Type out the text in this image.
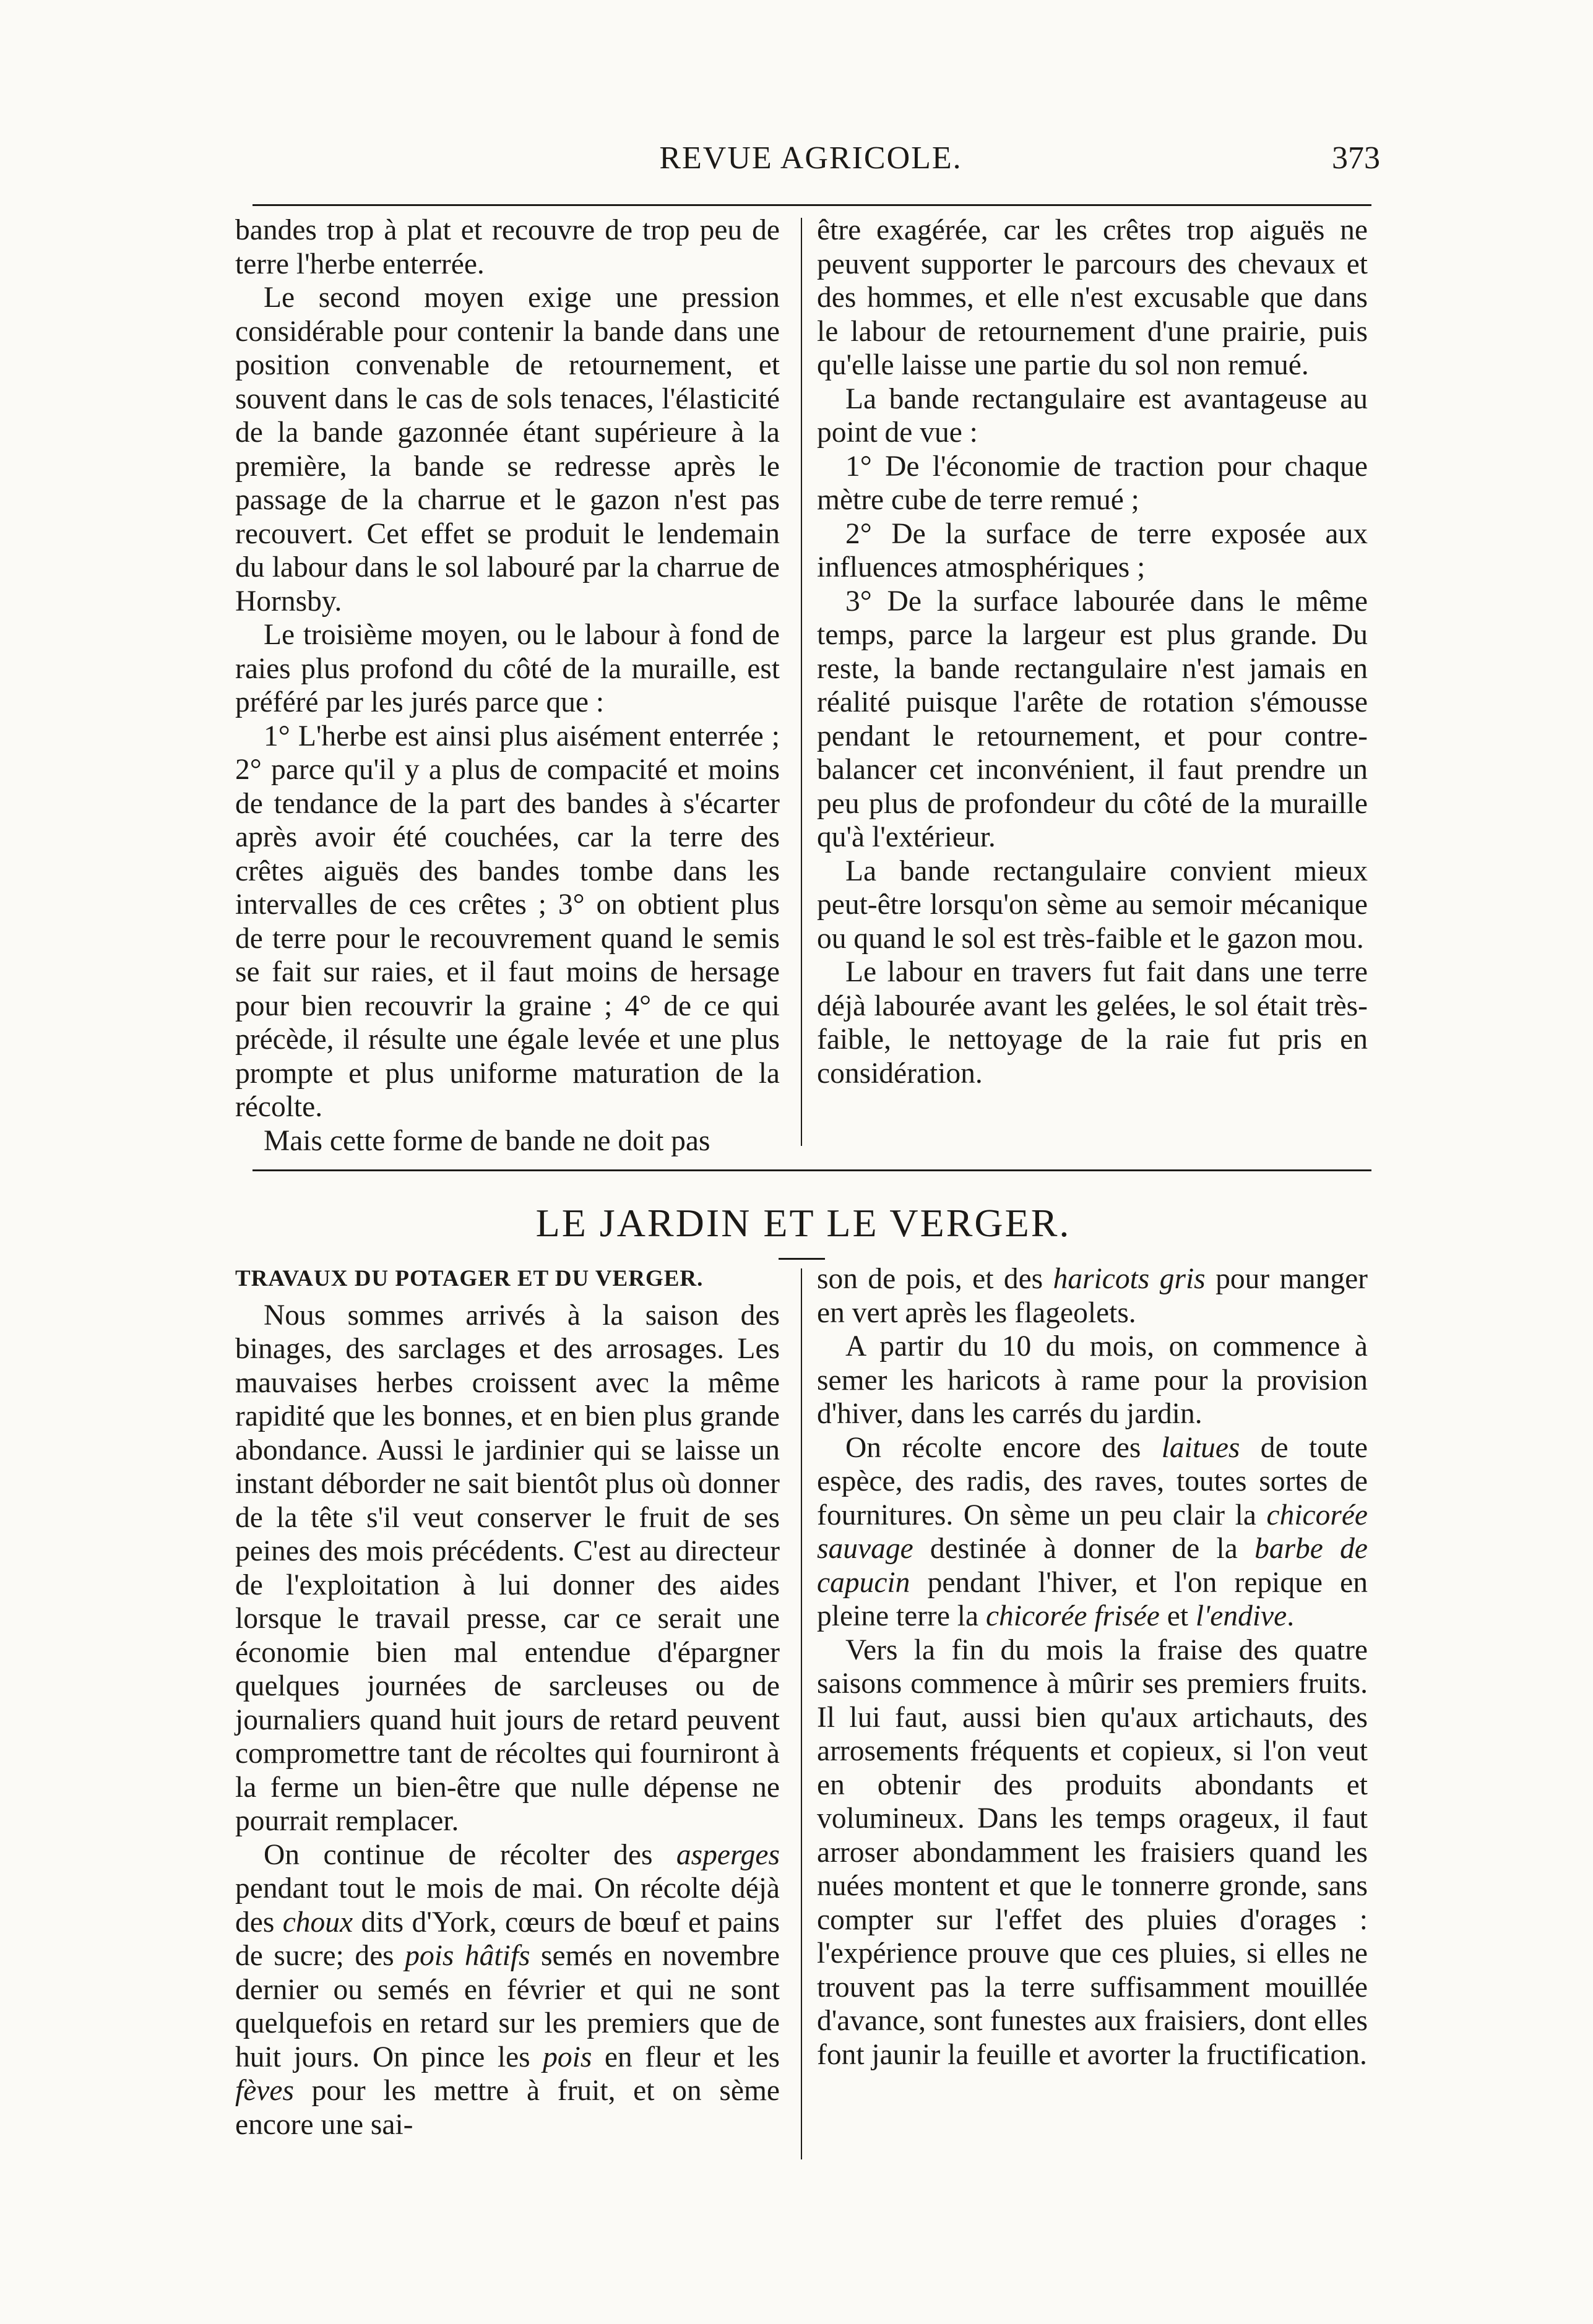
REVUE AGRICOLE.	373

bandes trop à plat et recouvre de trop peu de terre l'herbe enterrée.

Le second moyen exige une pression considérable pour contenir la bande dans une position convenable de retournement, et souvent dans le cas de sols tenaces, l'élasticité de la bande gazonnée étant supérieure à la première, la bande se redresse après le passage de la charrue et le gazon n'est pas recouvert. Cet effet se produit le lendemain du labour dans le sol labouré par la charrue de Hornsby.

Le troisième moyen, ou le labour à fond de raies plus profond du côté de la muraille, est préféré par les jurés parce que :

1° L'herbe est ainsi plus aisément enterrée ; 2° parce qu'il y a plus de compacité et moins de tendance de la part des bandes à s'écarter après avoir été couchées, car la terre des crêtes aiguës des bandes tombe dans les intervalles de ces crêtes ; 3° on obtient plus de terre pour le recouvrement quand le semis se fait sur raies, et il faut moins de hersage pour bien recouvrir la graine ; 4° de ce qui précède, il résulte une égale levée et une plus prompte et plus uniforme maturation de la récolte.

Mais cette forme de bande ne doit pas

être exagérée, car les crêtes trop aiguës ne peuvent supporter le parcours des chevaux et des hommes, et elle n'est excusable que dans le labour de retournement d'une prairie, puis qu'elle laisse une partie du sol non remué.

La bande rectangulaire est avantageuse au point de vue :

1° De l'économie de traction pour chaque mètre cube de terre remué ;

2° De la surface de terre exposée aux influences atmosphériques ;

3° De la surface labourée dans le même temps, parce la largeur est plus grande. Du reste, la bande rectangulaire n'est jamais en réalité puisque l'arête de rotation s'émousse pendant le retournement, et pour contre-balancer cet inconvénient, il faut prendre un peu plus de profondeur du côté de la muraille qu'à l'extérieur.

La bande rectangulaire convient mieux peut-être lorsqu'on sème au semoir mécanique ou quand le sol est très-faible et le gazon mou.

Le labour en travers fut fait dans une terre déjà labourée avant les gelées, le sol était très-faible, le nettoyage de la raie fut pris en considération.

LE JARDIN ET LE VERGER.

TRAVAUX DU POTAGER ET DU VERGER.

Nous sommes arrivés à la saison des binages, des sarclages et des arrosages. Les mauvaises herbes croissent avec la même rapidité que les bonnes, et en bien plus grande abondance. Aussi le jardinier qui se laisse un instant déborder ne sait bientôt plus où donner de la tête s'il veut conserver le fruit de ses peines des mois précédents. C'est au directeur de l'exploitation à lui donner des aides lorsque le travail presse, car ce serait une économie bien mal entendue d'épargner quelques journées de sarcleuses ou de journaliers quand huit jours de retard peuvent compromettre tant de récoltes qui fourniront à la ferme un bien-être que nulle dépense ne pourrait remplacer.

On continue de récolter des asperges pendant tout le mois de mai. On récolte déjà des choux dits d'York, cœurs de bœuf et pains de sucre; des pois hâtifs semés en novembre dernier ou semés en février et qui ne sont quelquefois en retard sur les premiers que de huit jours. On pince les pois en fleur et les fèves pour les mettre à fruit, et on sème encore une sai-

son de pois, et des haricots gris pour manger en vert après les flageolets.

A partir du 10 du mois, on commence à semer les haricots à rame pour la provision d'hiver, dans les carrés du jardin.

On récolte encore des laitues de toute espèce, des radis, des raves, toutes sortes de fournitures. On sème un peu clair la chicorée sauvage destinée à donner de la barbe de capucin pendant l'hiver, et l'on repique en pleine terre la chicorée frisée et l'endive.

Vers la fin du mois la fraise des quatre saisons commence à mûrir ses premiers fruits. Il lui faut, aussi bien qu'aux artichauts, des arrosements fréquents et copieux, si l'on veut en obtenir des produits abondants et volumineux. Dans les temps orageux, il faut arroser abondamment les fraisiers quand les nuées montent et que le tonnerre gronde, sans compter sur l'effet des pluies d'orages : l'expérience prouve que ces pluies, si elles ne trouvent pas la terre suffisamment mouillée d'avance, sont funestes aux fraisiers, dont elles font jaunir la feuille et avorter la fructification.
